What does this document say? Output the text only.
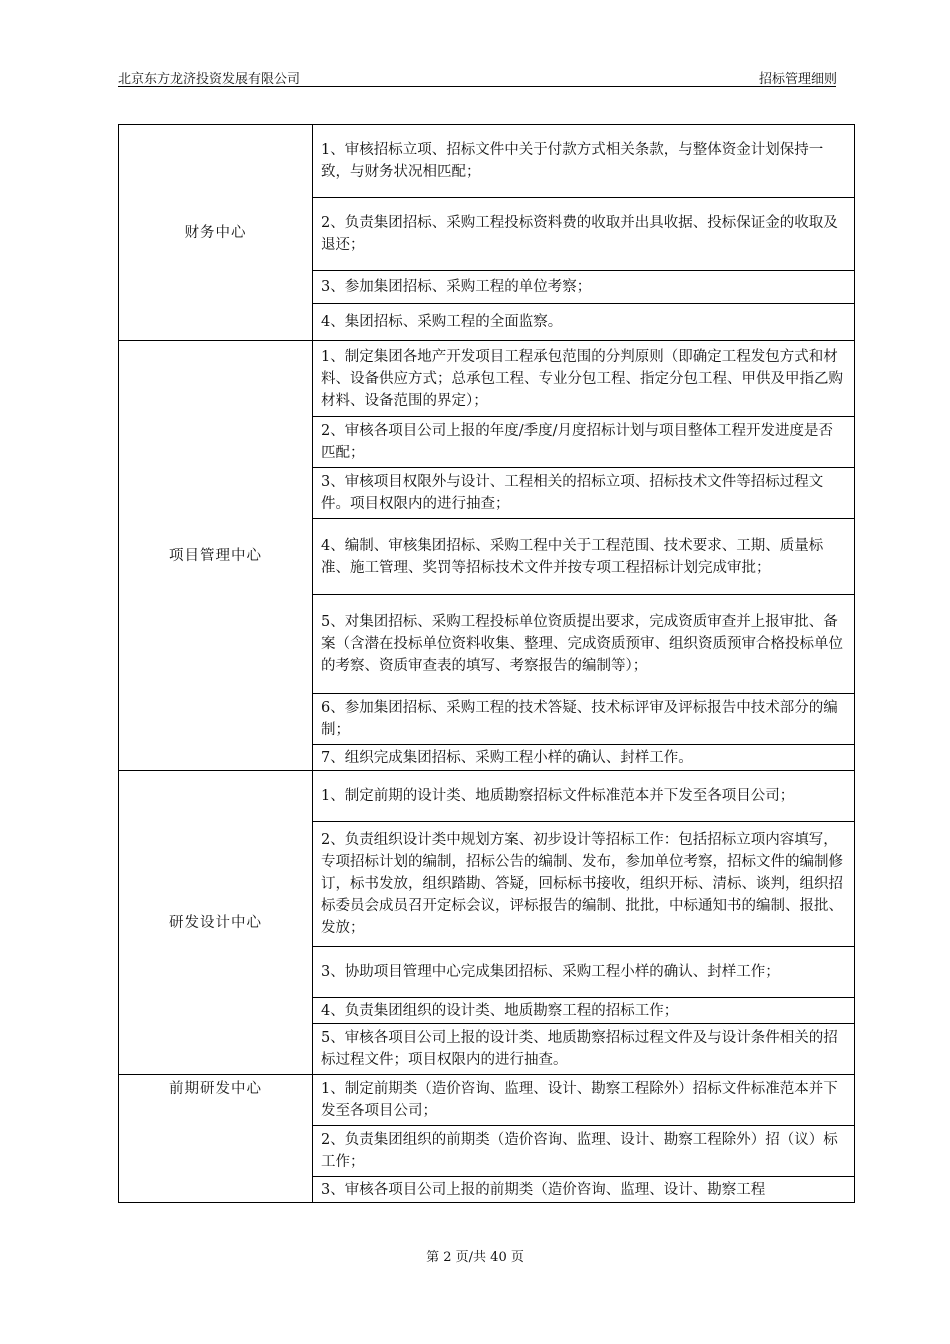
北京东方龙济投资发展有限公司	招标管理细则
财务中心	1、审核招标立项、招标文件中关于付款方式相关条款，与整体资金计划保持一致，与财务状况相匹配；
	2、负责集团招标、采购工程投标资料费的收取并出具收据、投标保证金的收取及退还；
	3、参加集团招标、采购工程的单位考察；
	4、集团招标、采购工程的全面监察。
项目管理中心	1、制定集团各地产开发项目工程承包范围的分判原则（即确定工程发包方式和材料、设备供应方式；总承包工程、专业分包工程、指定分包工程、甲供及甲指乙购材料、设备范围的界定）；
	2、审核各项目公司上报的年度/季度/月度招标计划与项目整体工程开发进度是否匹配；
	3、审核项目权限外与设计、工程相关的招标立项、招标技术文件等招标过程文件。项目权限内的进行抽查；
	4、编制、审核集团招标、采购工程中关于工程范围、技术要求、工期、质量标准、施工管理、奖罚等招标技术文件并按专项工程招标计划完成审批；
	5、对集团招标、采购工程投标单位资质提出要求，完成资质审查并上报审批、备案（含潜在投标单位资料收集、整理、完成资质预审、组织资质预审合格投标单位的考察、资质审查表的填写、考察报告的编制等）；
	6、参加集团招标、采购工程的技术答疑、技术标评审及评标报告中技术部分的编制；
	7、组织完成集团招标、采购工程小样的确认、封样工作。
研发设计中心	1、制定前期的设计类、地质勘察招标文件标准范本并下发至各项目公司；
	2、负责组织设计类中规划方案、初步设计等招标工作：包括招标立项内容填写，专项招标计划的编制，招标公告的编制、发布，参加单位考察，招标文件的编制修订，标书发放，组织踏勘、答疑，回标标书接收，组织开标、清标、谈判，组织招标委员会成员召开定标会议，评标报告的编制、批批，中标通知书的编制、报批、发放；
	3、协助项目管理中心完成集团招标、采购工程小样的确认、封样工作；
	4、负责集团组织的设计类、地质勘察工程的招标工作；
	5、审核各项目公司上报的设计类、地质勘察招标过程文件及与设计条件相关的招标过程文件；项目权限内的进行抽查。
前期研发中心	1、制定前期类（造价咨询、监理、设计、勘察工程除外）招标文件标准范本并下发至各项目公司；
	2、负责集团组织的前期类（造价咨询、监理、设计、勘察工程除外）招（议）标工作；
	3、审核各项目公司上报的前期类（造价咨询、监理、设计、勘察工程
第 2 页/共 40 页
